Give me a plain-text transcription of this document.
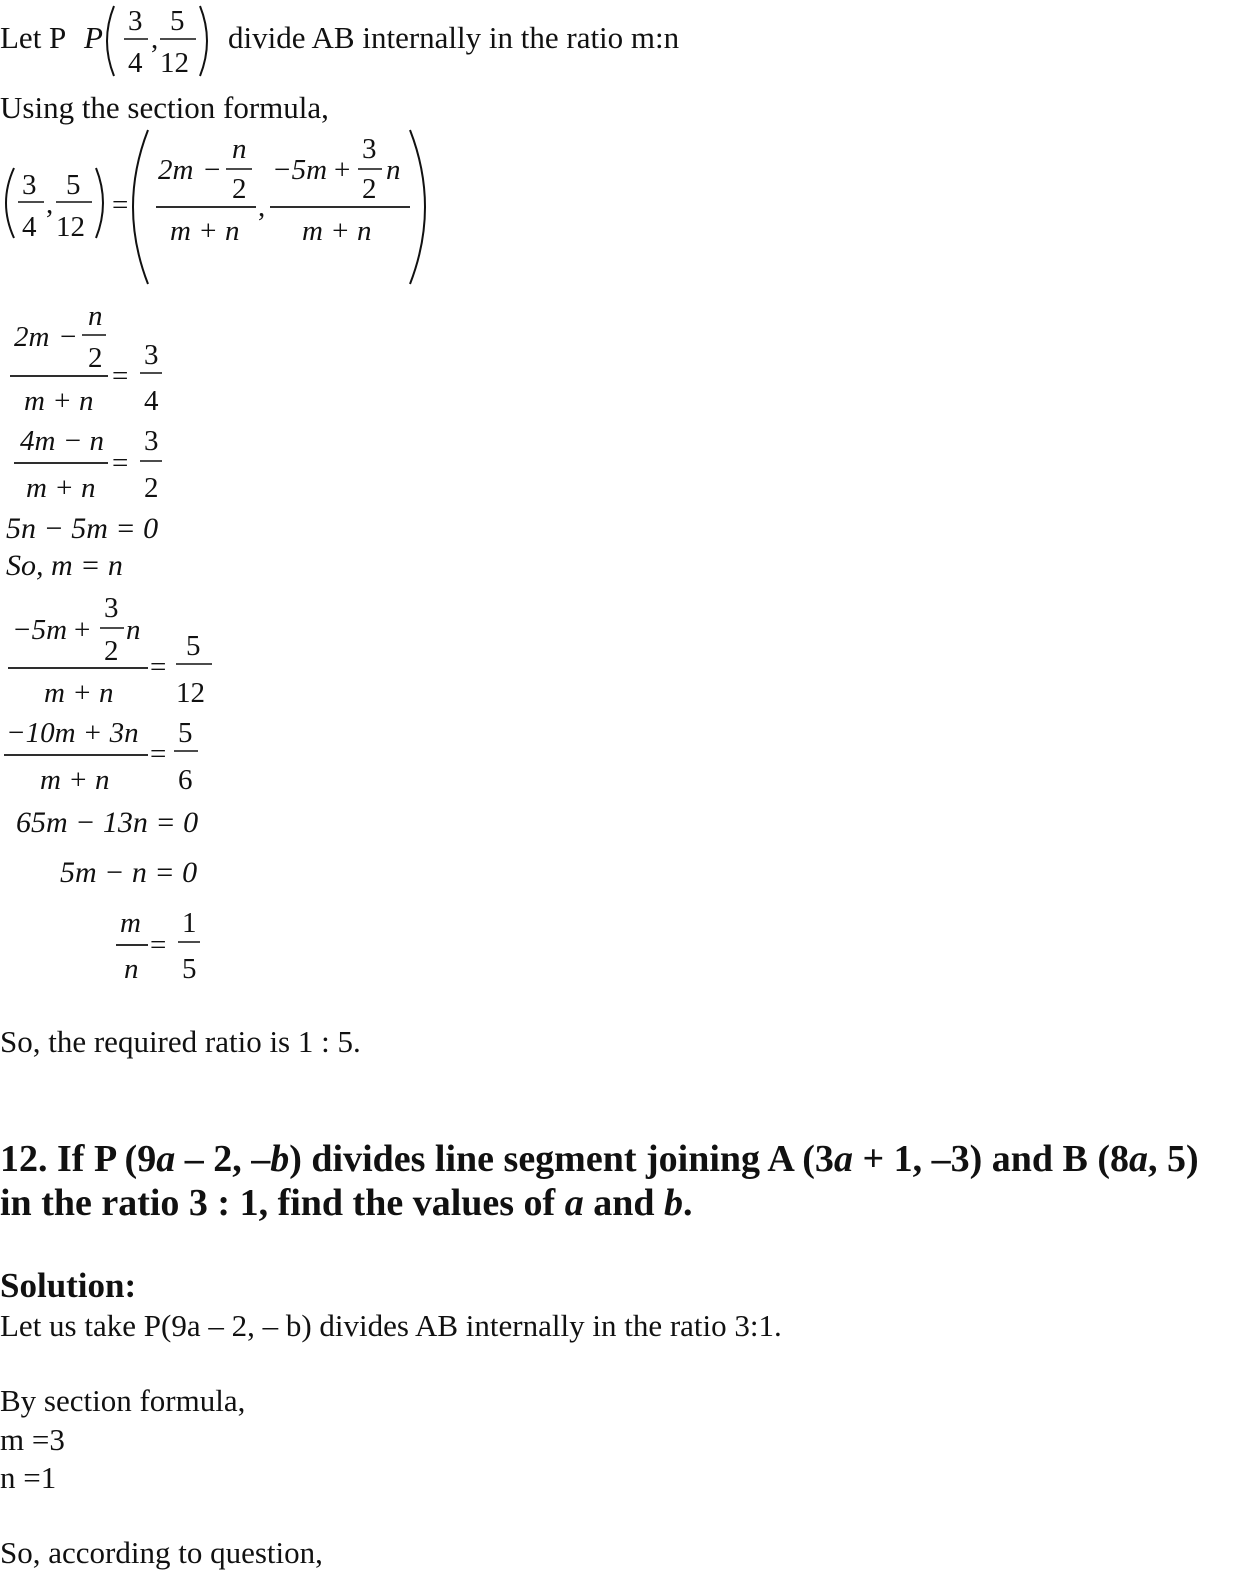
Let P P 3
4
,
5
12
3
4
,
5
12
=
2m −
n
2
m + n
,
−5m +
3
2
n
m + n
2m −
n
2
m + n
=
3
4
4m − n
m + n
=
3
2
5n − 5m = 0
So, m = n
−5m +
3
2
n
m + n
=
5
12
−10m + 3n
m + n
=
5
6
65m − 13n = 0
5m − n = 0
m
n
=
1
5
divide AB internally in the ratio m:n
Using the section formula,
So, the required ratio is 1 : 5.
12. If P (9a – 2, –b) divides line segment joining A (3a + 1, –3) and B (8a, 5)
in the ratio 3 : 1, find the values of a and b.
Solution:
Let us take P(9a – 2, – b) divides AB internally in the ratio 3:1.
By section formula,
m =3
n =1
So, according to question,
